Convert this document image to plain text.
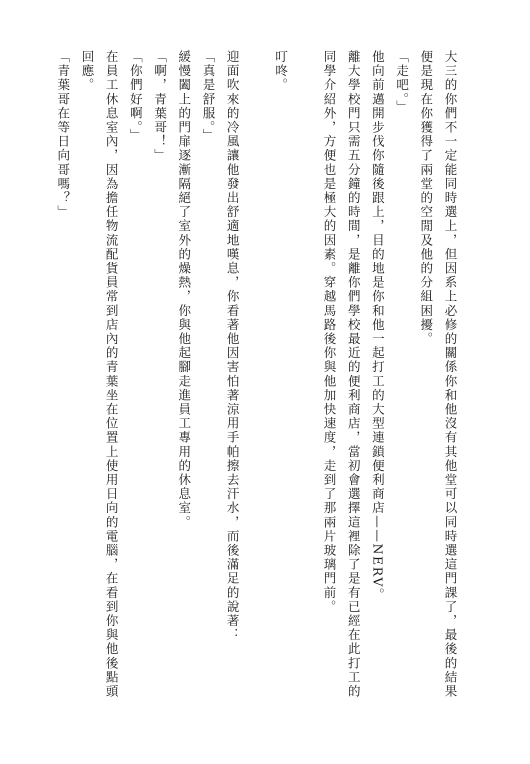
大三的你們不一定能同時選上，但因系上必修的關係你和他沒有其他堂可以同時選這門課了，最後的結果便是現在你獲得了兩堂的空閒及他的分組困擾。

「走吧。」

他向前邁開步伐你隨後跟上，目的地是你和他一起打工的大型連鎖便利商店——NERV。

離大學校門只需五分鐘的時間，是離你們學校最近的便利商店，當初會選擇這裡除了是有已經在此打工的同學介紹外，方便也是極大的因素。穿越馬路後你與他加快速度，走到了那兩片玻璃門前。

叮咚。

迎面吹來的冷風讓他發出舒適地嘆息，你看著他因害怕著涼用手帕擦去汗水，而後滿足的說著：

「真是舒服。」

緩慢闔上的門扉逐漸隔絕了室外的燥熱，你與他起腳走進員工專用的休息室。

「啊，青葉哥！」

「你們好啊。」

在員工休息室內，因為擔任物流配貨員常到店內的青葉坐在位置上使用日向的電腦，在看到你與他後點頭回應。

「青葉哥在等日向哥嗎？」
